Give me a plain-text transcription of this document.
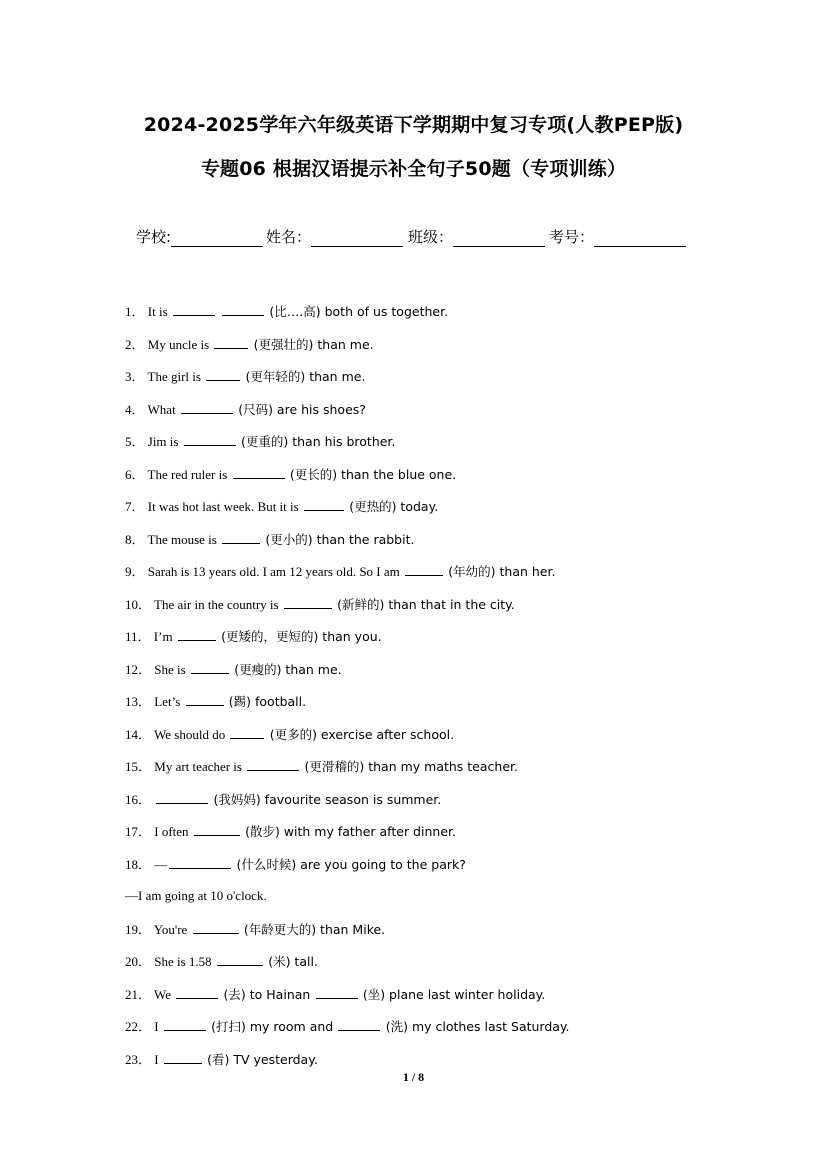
2024-2025学年六年级英语下学期期中复习专项(人教PEP版)
专题06 根据汉语提示补全句子50题（专项训练）
学校:	姓名：	班级：	考号：
1． It is	(比….高) both of us together.
2． My uncle is	(更强壮的) than me.
3． The girl is	(更年轻的) than me.
4． What	(尺码) are his shoes?
5． Jim is	(更重的) than his brother.
6． The red ruler is	(更长的) than the blue one.
7． It was hot last week. But it is	(更热的) today.
8． The mouse is	(更小的) than the rabbit.
9． Sarah is 13 years old. I am 12 years old. So I am	(年幼的) than her.
10． The air in the country is	(新鲜的) than that in the city.
11． I’m	(更矮的，更短的) than you.
12． She is	(更瘦的) than me.
13． Let’s	(踢) football.
14． We should do	(更多的) exercise after school.
15． My art teacher is	(更滑稽的) than my maths teacher.
16．	(我妈妈) favourite season is summer.
17． I often	(散步) with my father after dinner.
18． —	(什么时候) are you going to the park?
—I am going at 10 o'clock.
19． You're	(年龄更大的) than Mike.
20． She is 1.58	(米) tall.
21． We	(去) to Hainan	(坐) plane last winter holiday.
22． I	(打扫) my room and	(洗) my clothes last Saturday.
23． I	(看) TV yesterday.
1 / 8
